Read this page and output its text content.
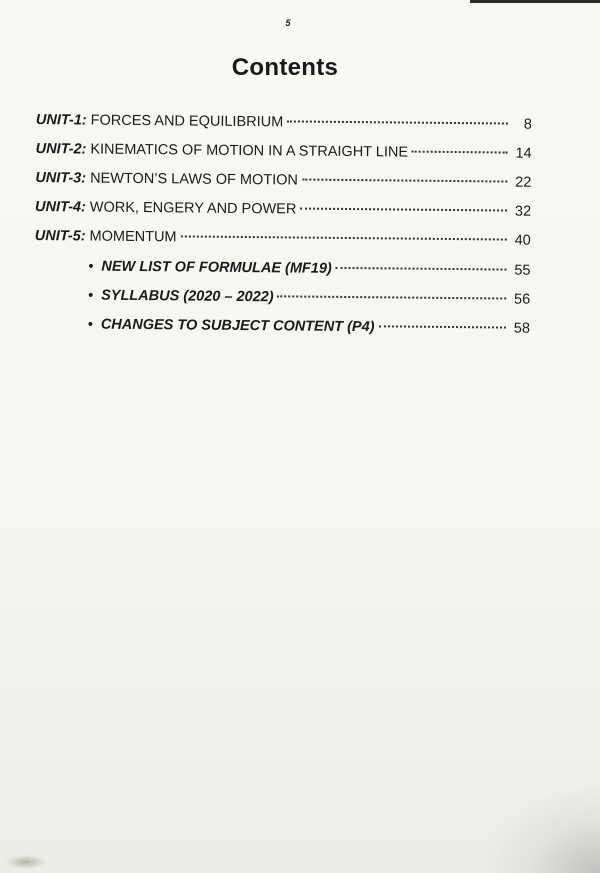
5
Contents
UNIT-1: FORCES AND EQUILIBRIUM	8
UNIT-2: KINEMATICS OF MOTION IN A STRAIGHT LINE	14
UNIT-3: NEWTON’S LAWS OF MOTION	22
UNIT-4: WORK, ENGERY AND POWER	32
UNIT-5: MOMENTUM	40
• NEW LIST OF FORMULAE (MF19)	55
• SYLLABUS (2020 – 2022)	56
• CHANGES TO SUBJECT CONTENT (P4)	58
